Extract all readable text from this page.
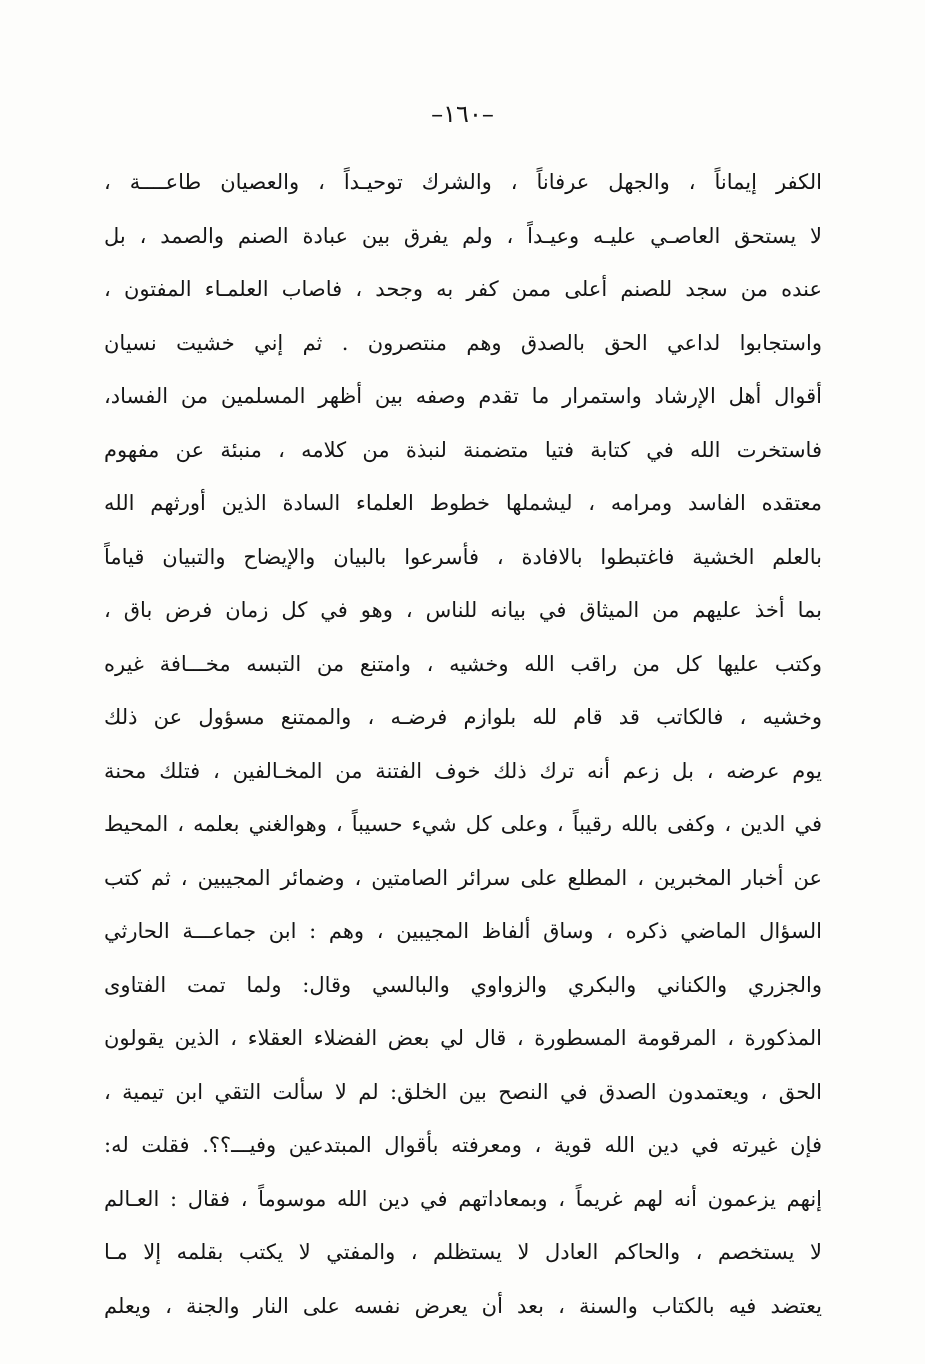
–١٦٠–
الكفر إيماناً ، والجهل عرفاناً ، والشرك توحيـداً ، والعصيان طاعــــة ،
لا يستحق العاصـي عليـه وعيـداً ، ولم يفرق بين عبادة الصنم والصمد ، بل
عنده من سجد للصنم أعلى ممن كفر به وجحد ، فاصاب العلمـاء المفتون ،
واستجابوا لداعي الحق بالصدق وهم منتصرون . ثم إني خشيت نسيان
أقوال أهل الإرشاد واستمرار ما تقدم وصفه بين أظهر المسلمين من الفساد،
فاستخرت الله في كتابة فتيا متضمنة لنبذة من كلامه ، منبئة عن مفهوم
معتقده الفاسد ومرامه ، ليشملها خطوط العلماء السادة الذين أورثهم الله
بالعلم الخشية فاغتبطوا بالافادة ، فأسرعوا بالبيان والإيضاح والتبيان قياماً
بما أخذ عليهم من الميثاق في بيانه للناس ، وهو في كل زمان فرض باق ،
وكتب عليها كل من راقب الله وخشيه ، وامتنع من التبسه مخـــافة غيره
وخشيه ، فالكاتب قد قام لله بلوازم فرضـه ، والممتنع مسؤول عن ذلك
يوم عرضه ، بل زعم أنه ترك ذلك خوف الفتنة من المخـالفين ، فتلك محنة
في الدين ، وكفى بالله رقيباً ، وعلى كل شيء حسيباً ، وهوالغني بعلمه ، المحيط
عن أخبار المخبرين ، المطلع على سرائر الصامتين ، وضمائر المجيبين ، ثم كتب
السؤال الماضي ذكره ، وساق ألفاظ المجيبين ، وهم : ابن جماعـــة الحارثي
والجزري والكناني والبكري والزواوي والبالسي وقال: ولما تمت الفتاوى
المذكورة ، المرقومة المسطورة ، قال لي بعض الفضلاء العقلاء ، الذين يقولون
الحق ، ويعتمدون الصدق في النصح بين الخلق: لم لا سألت التقي ابن تيمية ،
فإن غيرته في دين الله قوية ، ومعرفته بأقوال المبتدعين وفيـــ؟؟. فقلت له:
إنهم يزعمون أنه لهم غريماً ، وبمعاداتهم في دين الله موسوماً ، فقال : العـالم
لا يستخصم ، والحاكم العادل لا يستظلم ، والمفتي لا يكتب بقلمه إلا مـا
يعتضد فيه بالكتاب والسنة ، بعد أن يعرض نفسه على النار والجنة ، ويعلم
